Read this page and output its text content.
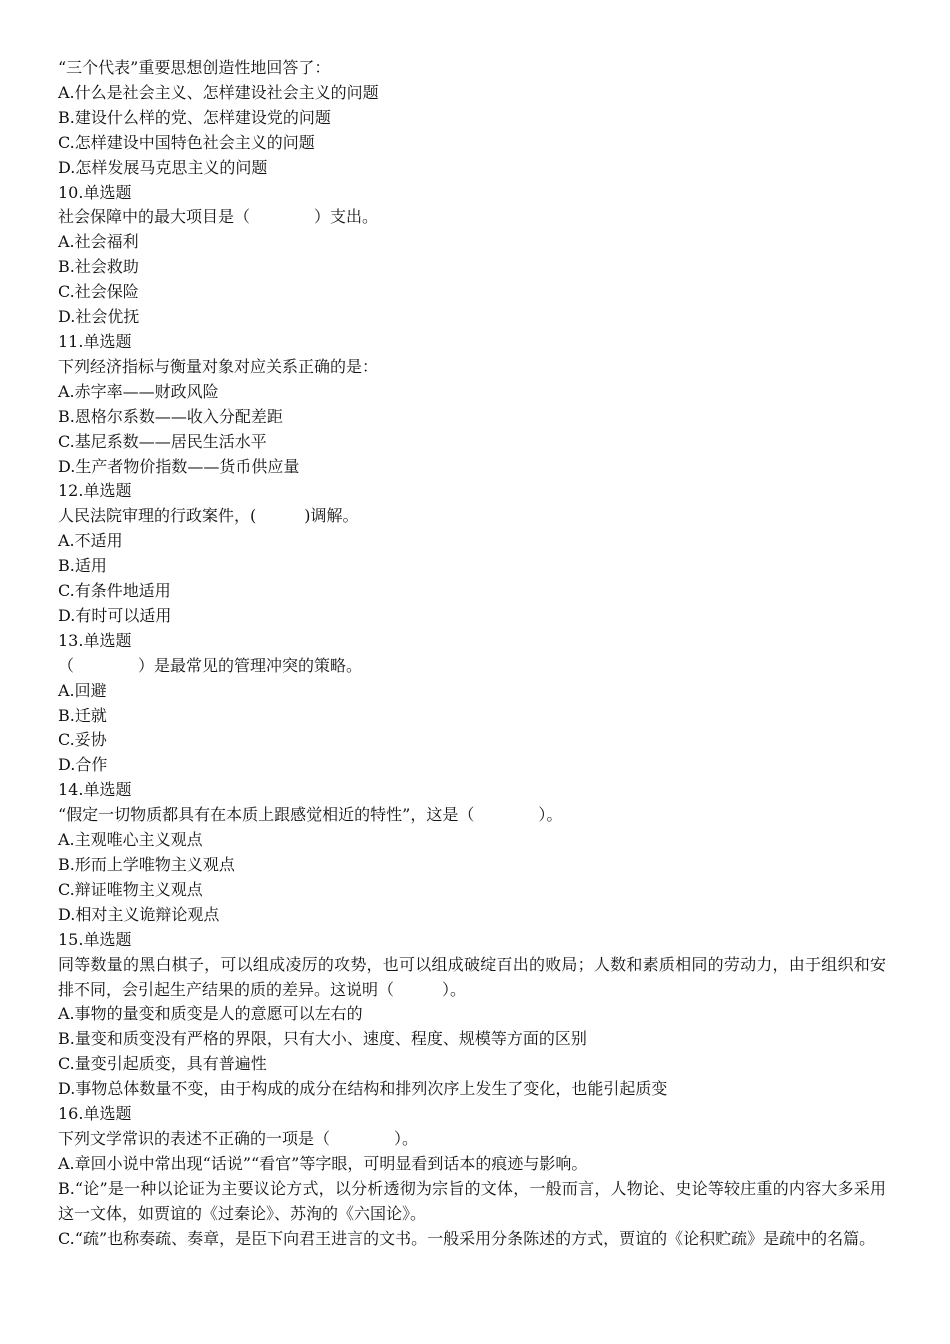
“三个代表”重要思想创造性地回答了：

A.什么是社会主义、怎样建设社会主义的问题

B.建设什么样的党、怎样建设党的问题

C.怎样建设中国特色社会主义的问题

D.怎样发展马克思主义的问题

10.单选题

社会保障中的最大项目是（　　　　）支出。

A.社会福利

B.社会救助

C.社会保险

D.社会优抚

11.单选题

下列经济指标与衡量对象对应关系正确的是：

A.赤字率——财政风险

B.恩格尔系数——收入分配差距

C.基尼系数——居民生活水平

D.生产者物价指数——货币供应量

12.单选题

人民法院审理的行政案件，(　　　)调解。

A.不适用

B.适用

C.有条件地适用

D.有时可以适用

13.单选题

（　　　　）是最常见的管理冲突的策略。

A.回避

B.迁就

C.妥协

D.合作

14.单选题

“假定一切物质都具有在本质上跟感觉相近的特性”，这是（　　　　）。

A.主观唯心主义观点

B.形而上学唯物主义观点

C.辩证唯物主义观点

D.相对主义诡辩论观点

15.单选题

同等数量的黑白棋子，可以组成凌厉的攻势，也可以组成破绽百出的败局；人数和素质相同的劳动力，由于组织和安排不同，会引起生产结果的质的差异。这说明（　　　）。

A.事物的量变和质变是人的意愿可以左右的

B.量变和质变没有严格的界限，只有大小、速度、程度、规模等方面的区别

C.量变引起质变，具有普遍性

D.事物总体数量不变，由于构成的成分在结构和排列次序上发生了变化，也能引起质变

16.单选题

下列文学常识的表述不正确的一项是（　　　　）。

A.章回小说中常出现“话说”“看官”等字眼，可明显看到话本的痕迹与影响。

B.“论”是一种以论证为主要议论方式，以分析透彻为宗旨的文体，一般而言，人物论、史论等较庄重的内容大多采用这一文体，如贾谊的《过秦论》、苏洵的《六国论》。

C.“疏”也称奏疏、奏章，是臣下向君王进言的文书。一般采用分条陈述的方式，贾谊的《论积贮疏》是疏中的名篇。
